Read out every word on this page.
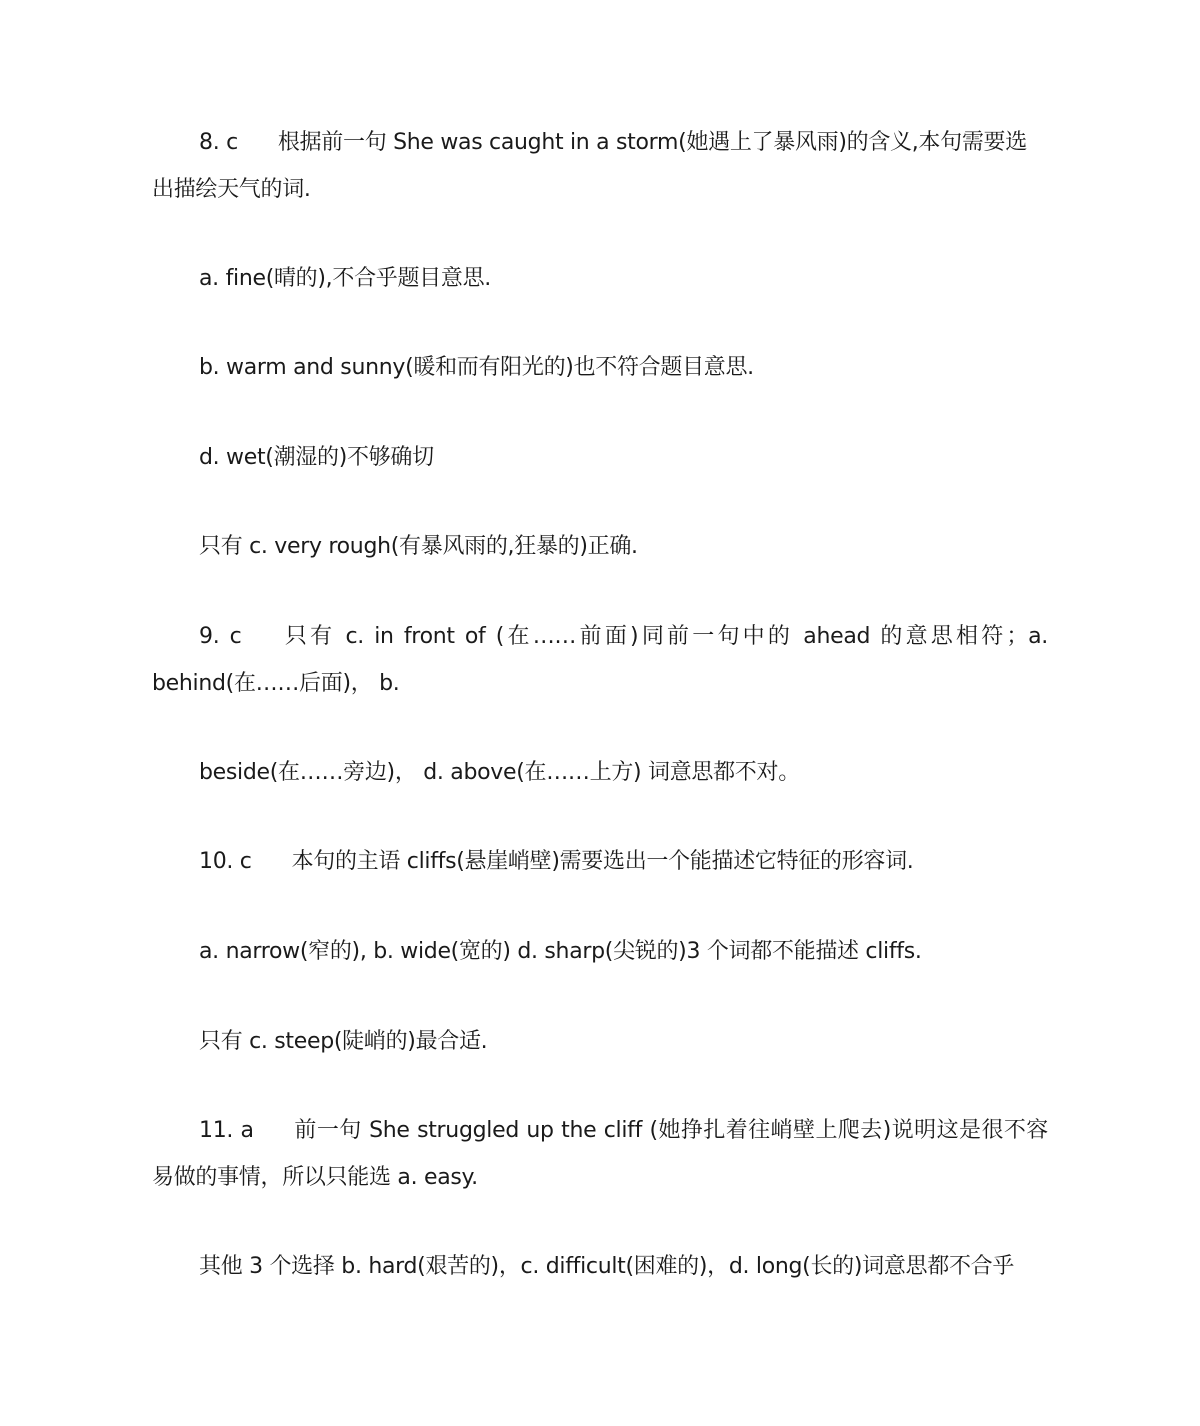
8. c 根据前一句 She was caught in a storm(她遇上了暴风雨)的含义,本句需要选
出描绘天气的词.

a. fine(晴的),不合乎题目意思.

b. warm and sunny(暖和而有阳光的)也不符合题目意思.

d. wet(潮湿的)不够确切

只有 c. very rough(有暴风雨的,狂暴的)正确.

9. c 只有 c. in front of (在……前面)同前一句中的 ahead 的意思相符；a.
behind(在……后面)， b.

beside(在……旁边)， d. above(在……上方) 词意思都不对。

10. c 本句的主语 cliffs(悬崖峭壁)需要选出一个能描述它特征的形容词.

a. narrow(窄的), b. wide(宽的) d. sharp(尖锐的)3 个词都不能描述 cliffs.

只有 c. steep(陡峭的)最合适.

11. a 前一句 She struggled up the cliff (她挣扎着往峭壁上爬去)说明这是很不容
易做的事情，所以只能选 a. easy.

其他 3 个选择 b. hard(艰苦的)，c. difficult(困难的)，d. long(长的)词意思都不合乎
